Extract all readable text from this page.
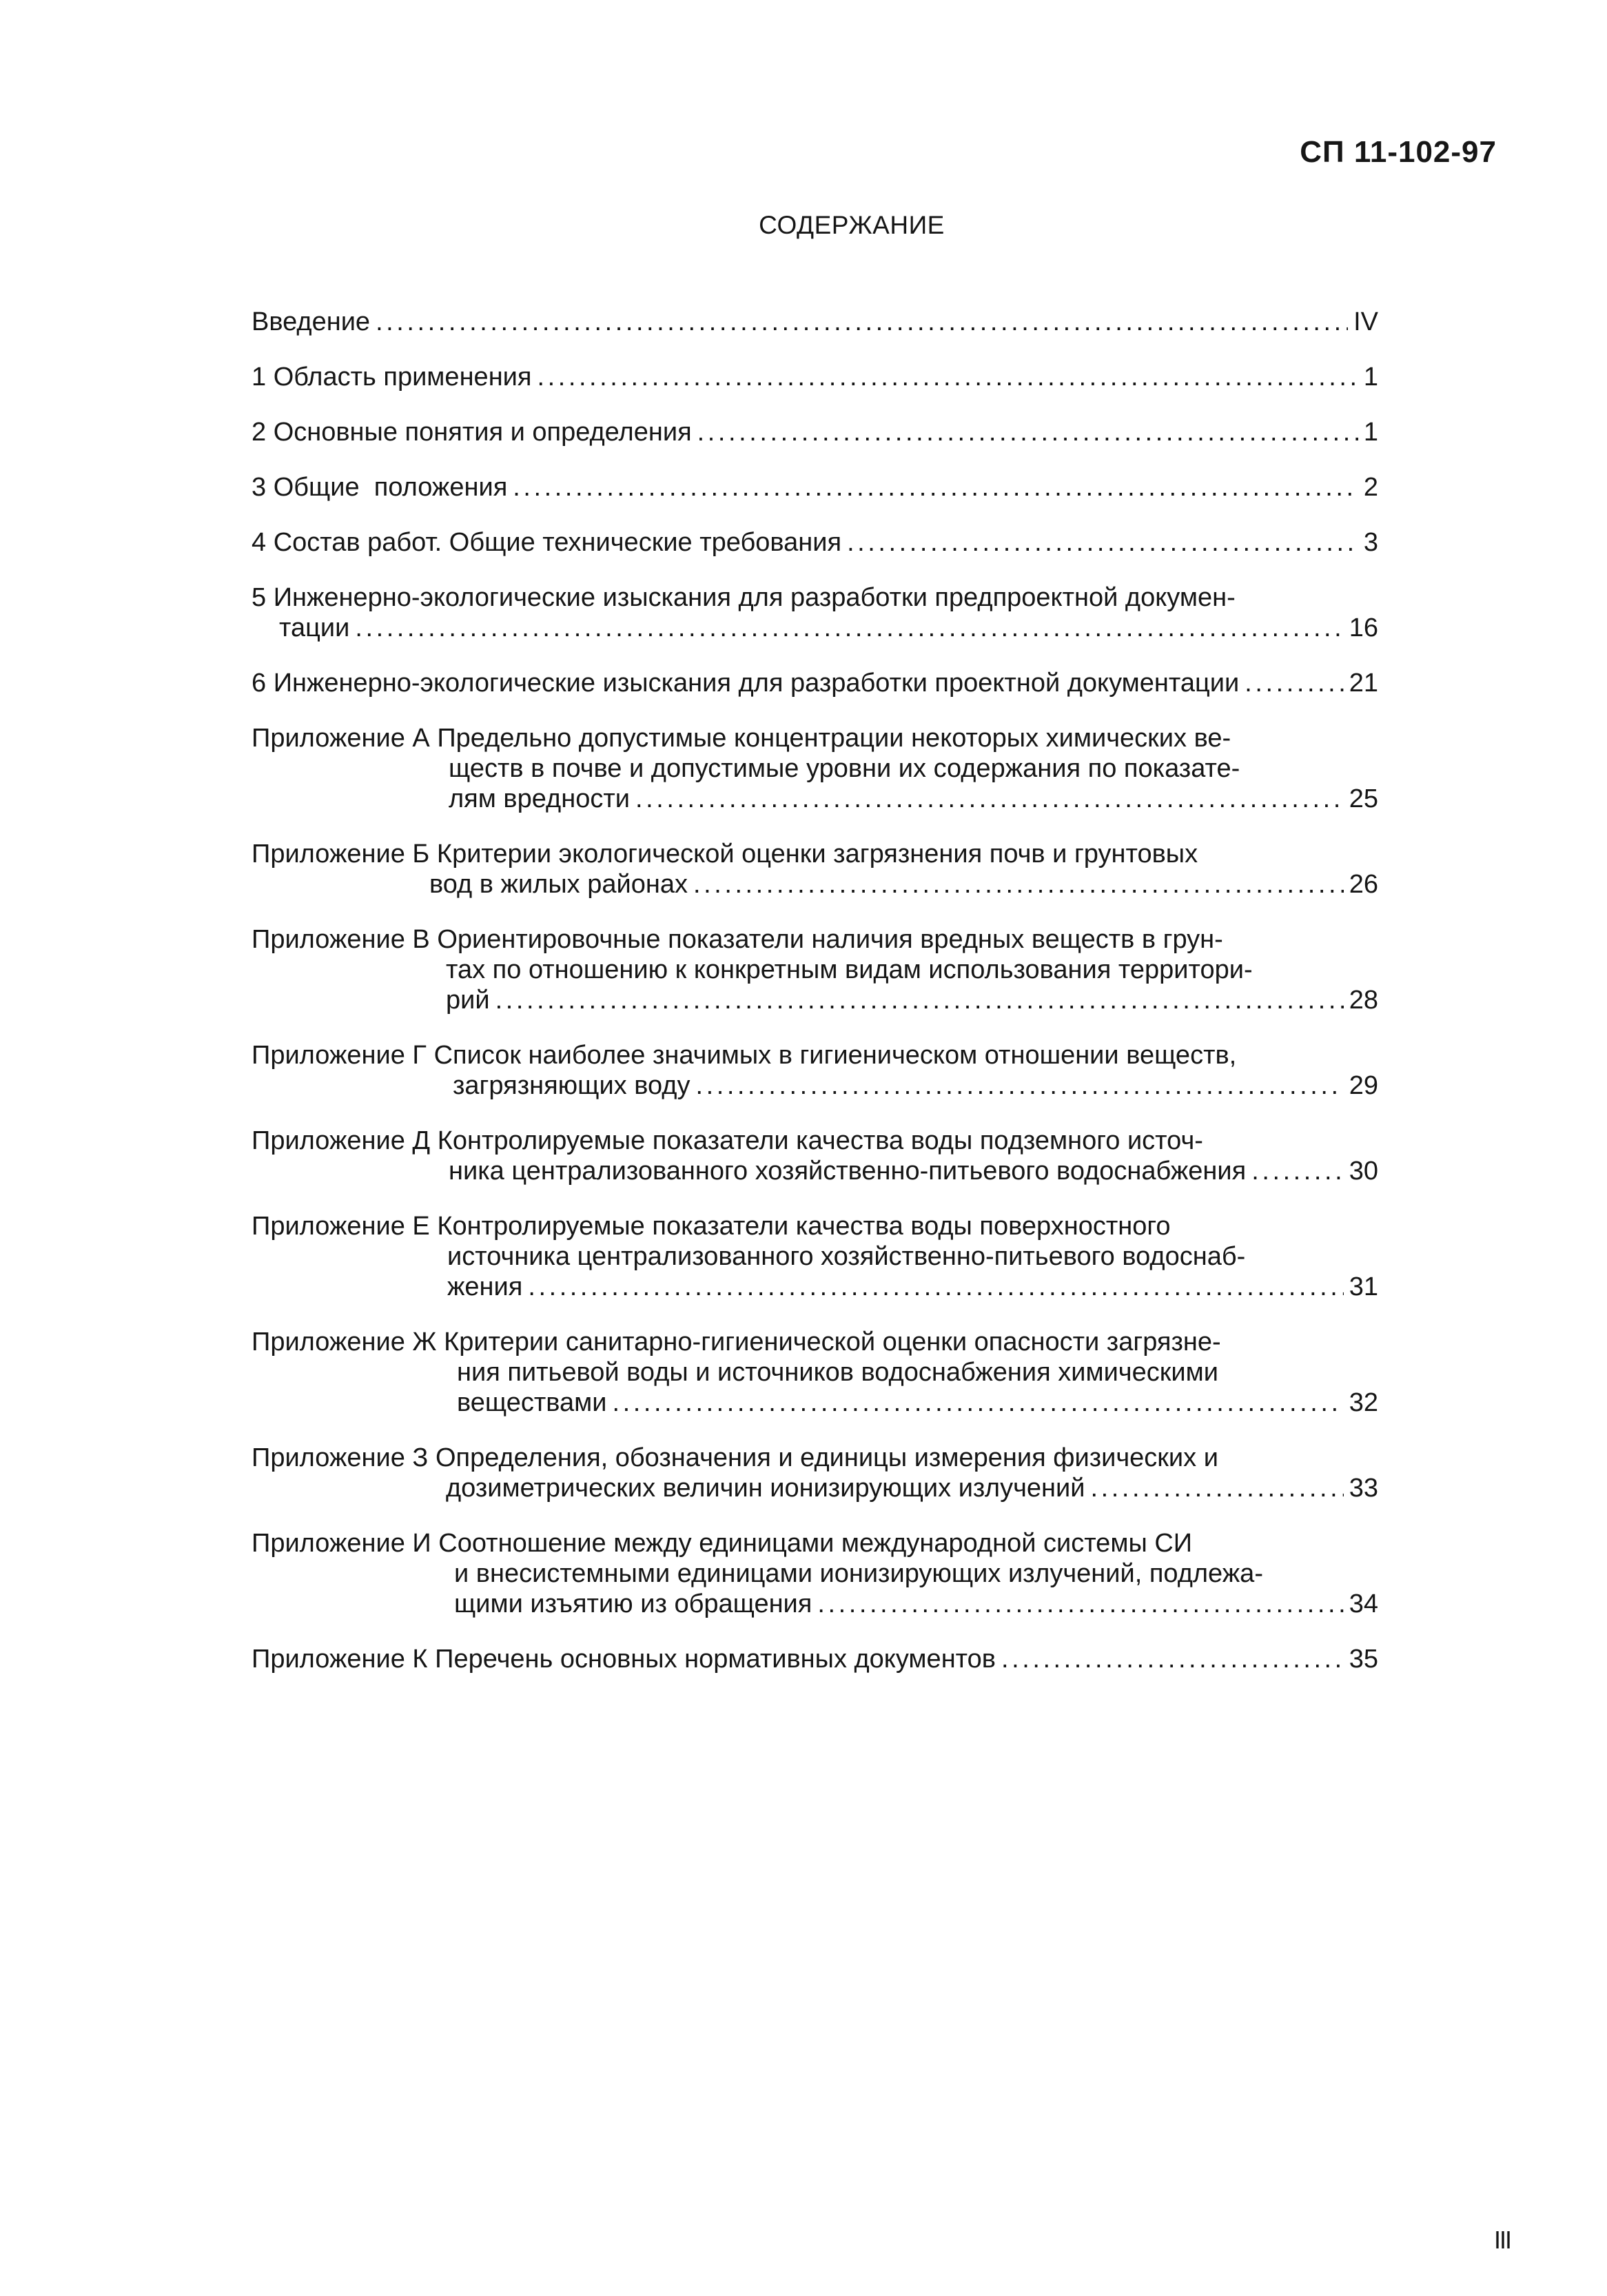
СП 11-102-97
СОДЕРЖАНИЕ
Введение . . .	IV
1 Область применения . . .	1
2 Основные понятия и определения . . .	1
3 Общие  положения . . .	2
4 Состав работ. Общие технические требования . . .	3
5 Инженерно-экологические изыскания для разработки предпроектной докумен-
тации . . .	16
6 Инженерно-экологические изыскания для разработки проектной документации . . .	21
Приложение А Предельно допустимые концентрации некоторых химических ве-
ществ в почве и допустимые уровни их содержания по показате-
лям вредности . . .	25
Приложение Б Критерии экологической оценки загрязнения почв и грунтовых
вод в жилых районах . . .	26
Приложение В Ориентировочные показатели наличия вредных веществ в грун-
тах по отношению к конкретным видам использования территори-
рий . . .	28
Приложение Г Список наиболее значимых в гигиеническом отношении веществ,
загрязняющих воду . . .	29
Приложение Д Контролируемые показатели качества воды подземного источ-
ника централизованного хозяйственно-питьевого водоснабжения . . .	30
Приложение Е Контролируемые показатели качества воды поверхностного
источника централизованного хозяйственно-питьевого водоснаб-
жения . . .	31
Приложение Ж Критерии санитарно-гигиенической оценки опасности загрязне-
ния питьевой воды и источников водоснабжения химическими
веществами . . .	32
Приложение З Определения, обозначения и единицы измерения физических и
дозиметрических величин ионизирующих излучений . . .	33
Приложение И Соотношение между единицами международной системы СИ
и внесистемными единицами ионизирующих излучений, подлежа-
щими изъятию из обращения . . .	34
Приложение К Перечень основных нормативных документов . . .	35
III
